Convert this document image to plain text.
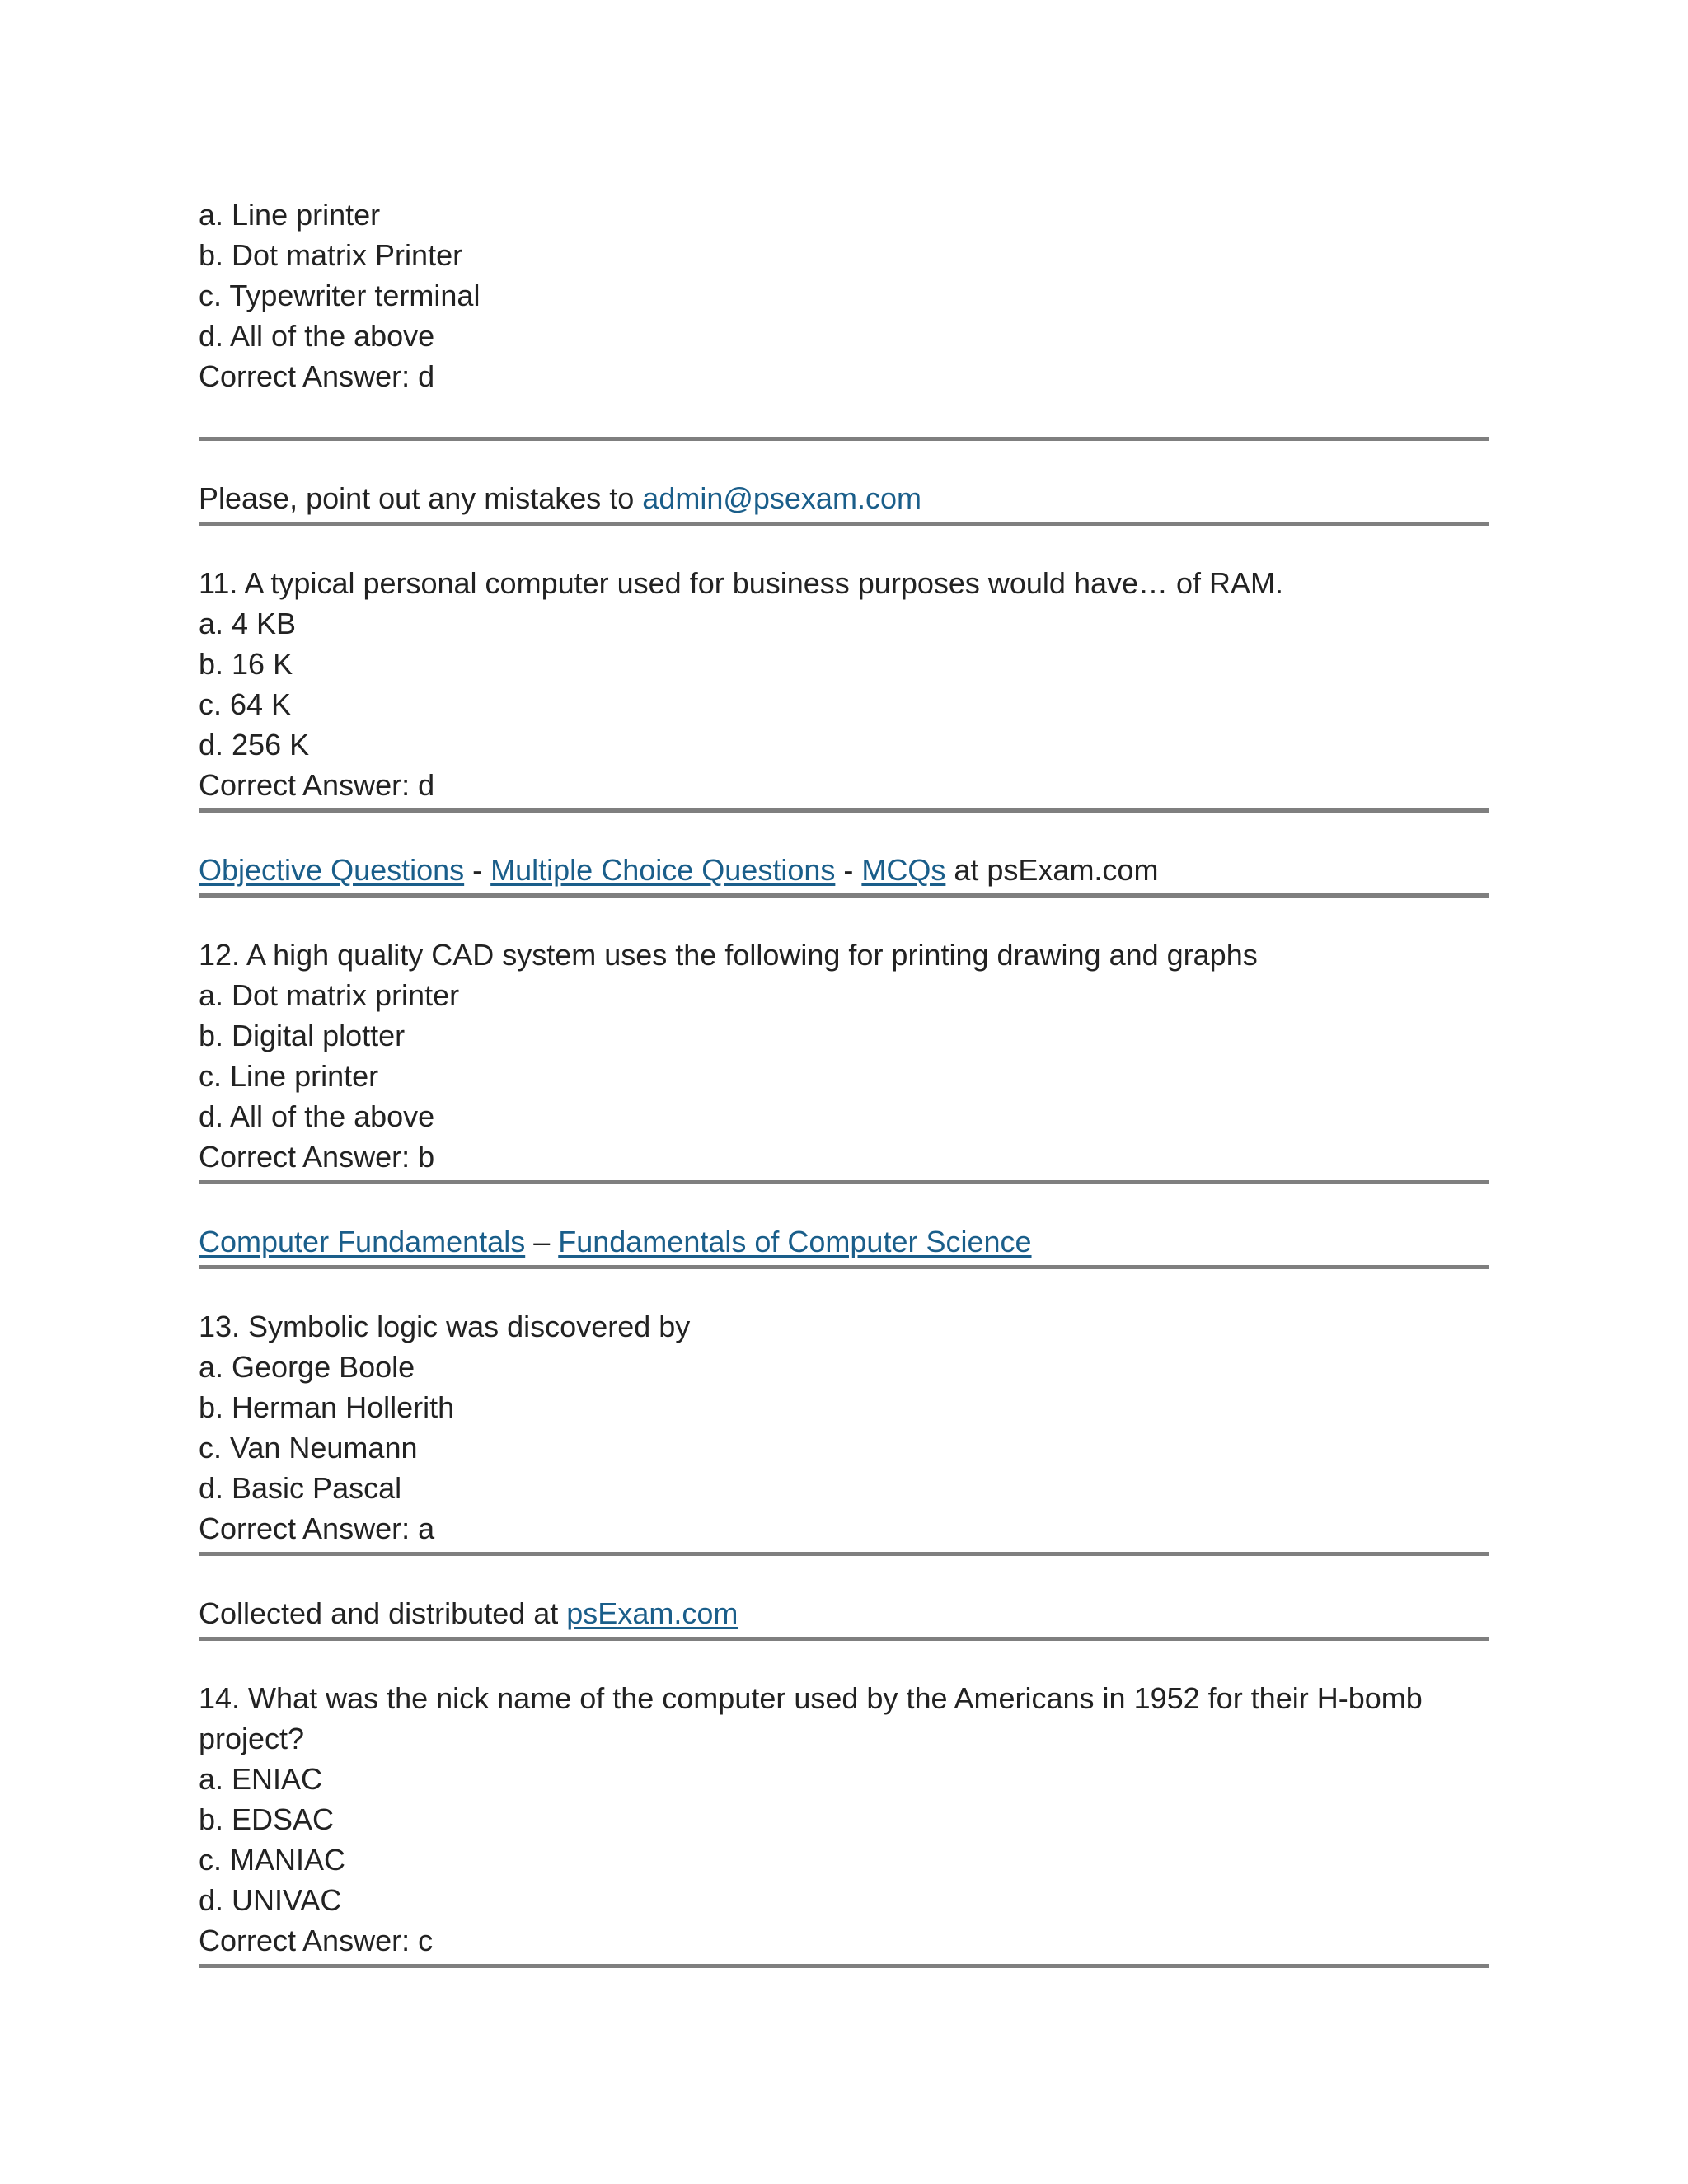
a. Line printer
b. Dot matrix Printer
c. Typewriter terminal
d. All of the above
Correct Answer: d
Please, point out any mistakes to admin@psexam.com
11. A typical personal computer used for business purposes would have… of RAM.
a. 4 KB
b. 16 K
c. 64 K
d. 256 K
Correct Answer: d
Objective Questions - Multiple Choice Questions - MCQs at psExam.com
12. A high quality CAD system uses the following for printing drawing and graphs
a. Dot matrix printer
b. Digital plotter
c. Line printer
d. All of the above
Correct Answer: b
Computer Fundamentals – Fundamentals of Computer Science
13. Symbolic logic was discovered by
a. George Boole
b. Herman Hollerith
c. Van Neumann
d. Basic Pascal
Correct Answer: a
Collected and distributed at psExam.com
14. What was the nick name of the computer used by the Americans in 1952 for their H-bomb
project?
a. ENIAC
b. EDSAC
c. MANIAC
d. UNIVAC
Correct Answer: c
